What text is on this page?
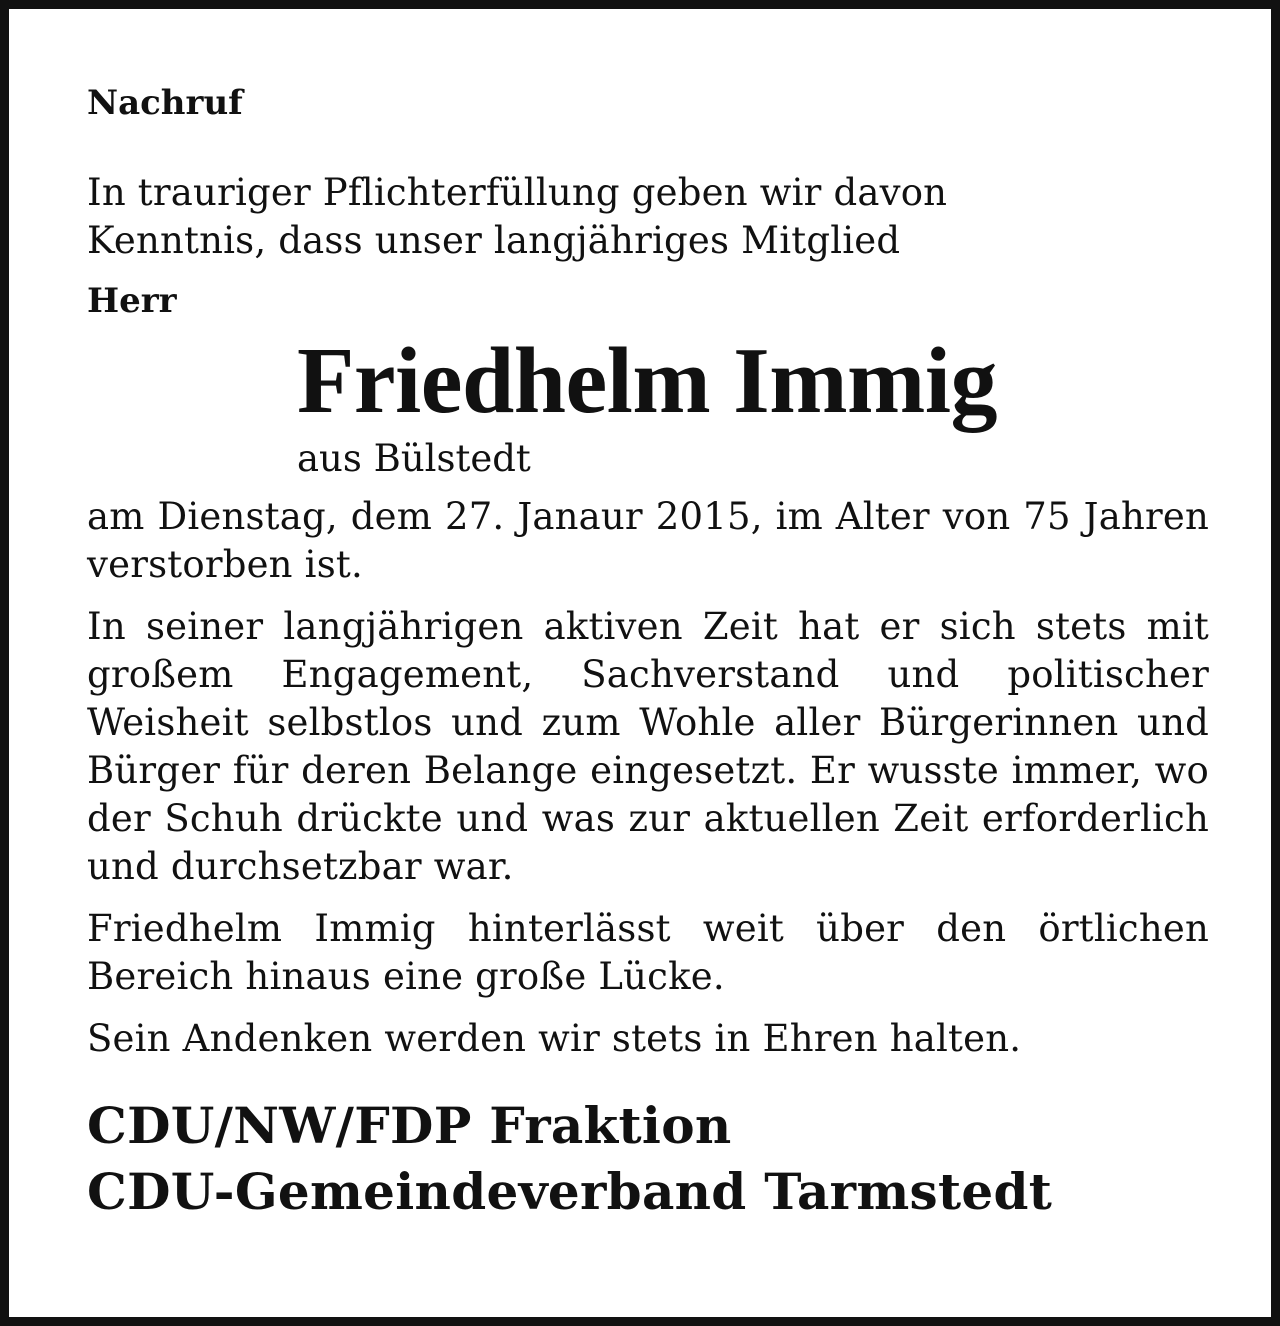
Nachruf

In trauriger Pflichterfüllung geben wir davon

Kenntnis, dass unser langjähriges Mitglied

Herr

Friedhelm Immig

aus Bülstedt

am Dienstag, dem 27. Janaur 2015, im Alter von 75 Jahren verstorben ist.

In seiner langjährigen aktiven Zeit hat er sich stets mit großem Engagement, Sachverstand und politischer Weisheit selbstlos und zum Wohle aller Bürgerinnen und Bürger für deren Belange eingesetzt. Er wusste immer, wo der Schuh drückte und was zur aktuellen Zeit erforderlich und durchsetzbar war.

Friedhelm Immig hinterlässt weit über den örtlichen Bereich hinaus eine große Lücke.

Sein Andenken werden wir stets in Ehren halten.

CDU/NW/FDP Fraktion

CDU-Gemeindeverband Tarmstedt
